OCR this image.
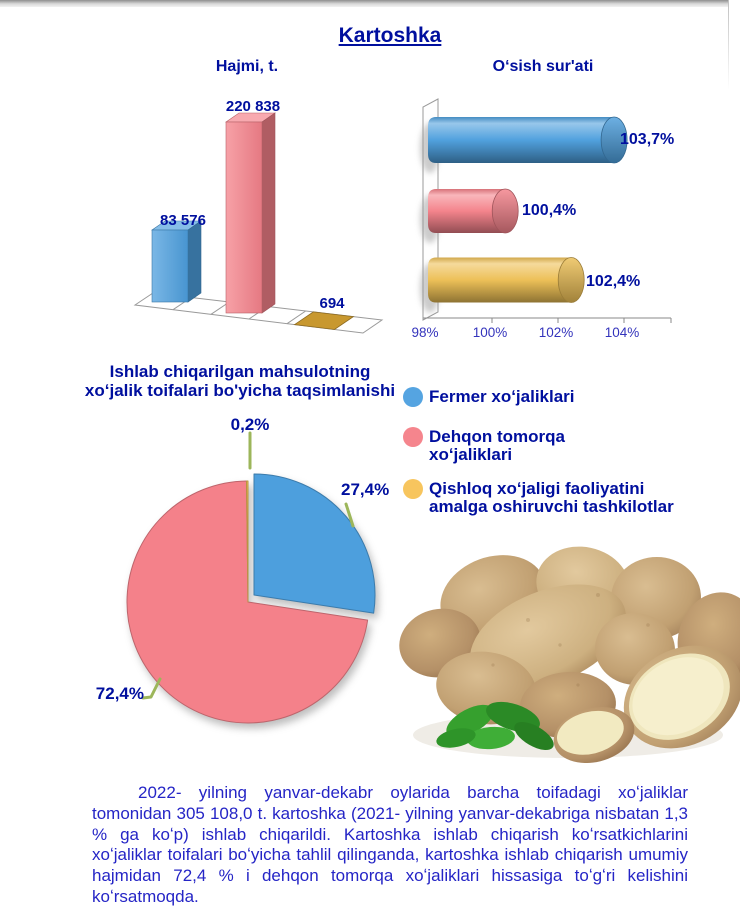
Kartoshka
Hajmi, t.	Oʻsish sur'ati
83 576
220 838
694
103,7%
100,4%
102,4%
98%	100%	102%	104%
Ishlab chiqarilgan mahsulotning
xoʻjalik toifalari bo'yicha taqsimlanishi
27,4%
72,4%
0,2%
Fermer xoʻjaliklari
Dehqon tomorqa
xoʻjaliklari
Qishloq xoʻjaligi faoliyatini
amalga oshiruvchi tashkilotlar
2022- yilning yanvar-dekabr oylarida barcha toifadagi xoʻjaliklar tomonidan 305 108,0 t. kartoshka (2021- yilning yanvar-dekabriga nisbatan 1,3 % ga koʻp) ishlab chiqarildi. Kartoshka ishlab chiqarish koʻrsatkichlarini xoʻjaliklar toifalari boʻyicha tahlil qilinganda, kartoshka ishlab chiqarish umumiy hajmidan 72,4 % i dehqon tomorqa xoʻjaliklari hissasiga toʻgʻri kelishini koʻrsatmoqda.
